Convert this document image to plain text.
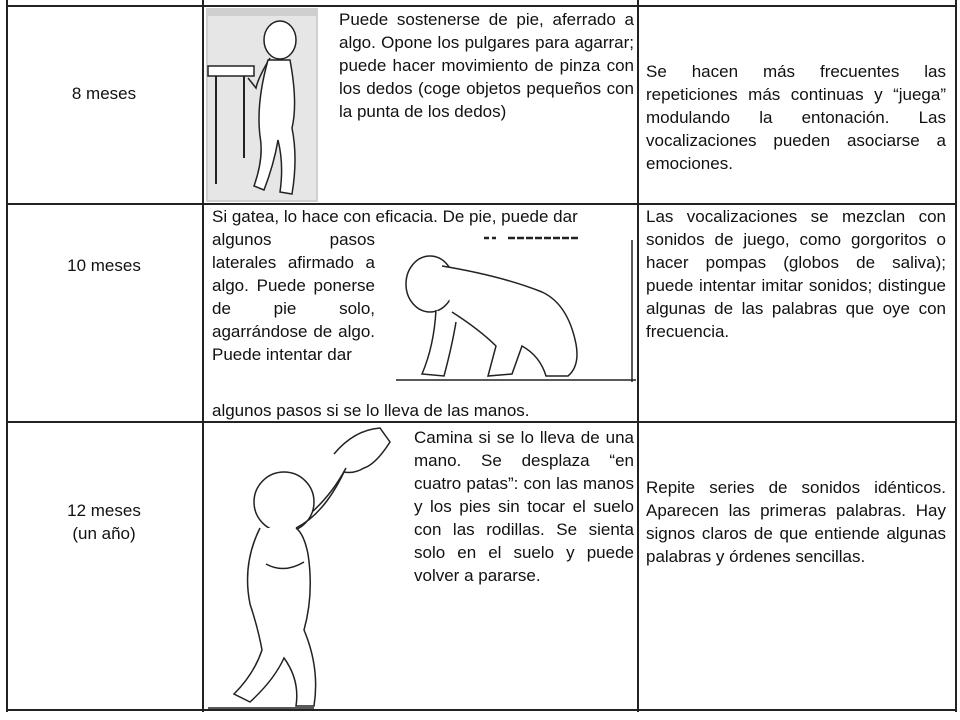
8 meses
Puede sostenerse de pie, aferrado a algo. Opone los pulgares para agarrar; puede hacer movimiento de pinza con los dedos (coge objetos pequeños con la punta de los dedos)
Se hacen más frecuentes las repeticiones más continuas y “juega” modulando la entonación. Las vocalizaciones pueden asociarse a emociones.
10 meses
Si gatea, lo hace con eficacia. De pie, puede dar
algunos pasos laterales afirmado a algo. Puede ponerse de pie solo, agarrándose de algo. Puede intentar dar
algunos pasos si se lo lleva de las manos.
Las vocalizaciones se mezclan con sonidos de juego, como gorgoritos o hacer pompas (globos de saliva); puede intentar imitar sonidos; distingue algunas de las palabras que oye con frecuencia.
12 meses
(un año)
Camina si se lo lleva de una mano. Se desplaza “en cuatro patas”: con las manos y los pies sin tocar el suelo con las rodillas. Se sienta solo en el suelo y puede volver a pararse.
Repite series de sonidos idénticos. Aparecen las primeras palabras. Hay signos claros de que entiende algunas palabras y órdenes sencillas.
